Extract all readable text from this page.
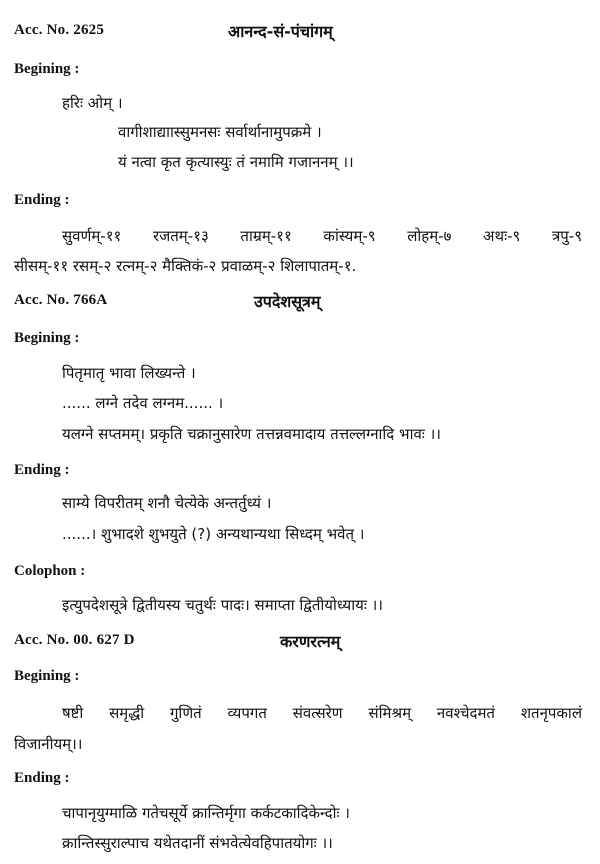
Acc. No. 2625	आनन्द-सं-पंचांगम्
Begining :
हरिः ओम् ।
वागीशाद्याास्सुमनसः सर्वार्थानामुपक्रमे ।
यं नत्वा कृत कृत्यास्युः तं नमामि गजाननम् ।।
Ending :
सुवर्णम्-११ रजतम्-१३ ताम्रम्-११ कांस्यम्-९ लोहम्-७ अथः-९ त्रपु-९
सीसम्-११ रसम्-२ रत्नम्-२ मैक्तिकं-२ प्रवाळम्-२ शिलापातम्-१.
Acc. No. 766A	उपदेशसूत्रम्
Begining :
पितृमातृ भावा लिख्यन्ते ।
...... लग्ने तदेव लग्नम...... ।
यलग्ने सप्तमम्। प्रकृति चक्रानुसारेण तत्तन्नवमादाय तत्तल्लग्नादि भावः ।।
Ending :
साम्ये विपरीतम् शनौ चेत्येके अन्तर्तुध्यं ।
......। शुभादशे शुभयुते (?) अन्यथान्यथा सिध्दम् भवेत् ।
Colophon :
इत्युपदेशसूत्रे द्वितीयस्य चतुर्थः पादः। समाप्ता द्वितीयोध्यायः ।।
Acc. No. 00. 627 D	करणरत्नम्
Begining :
षष्टी समृद्धी गुणितं व्यपगत संवत्सरेण संमिश्रम् नवश्चेदमतं शतनृपकालं
विजानीयम्।।
Ending :
चापानृयुग्माळि गतेचसूर्ये क्रान्तिर्मृगा कर्कटकादिकेन्दोः ।
क्रान्तिस्सुराल्पाच यथेतदानीं संभवेत्येवहिपातयोगः ।।
